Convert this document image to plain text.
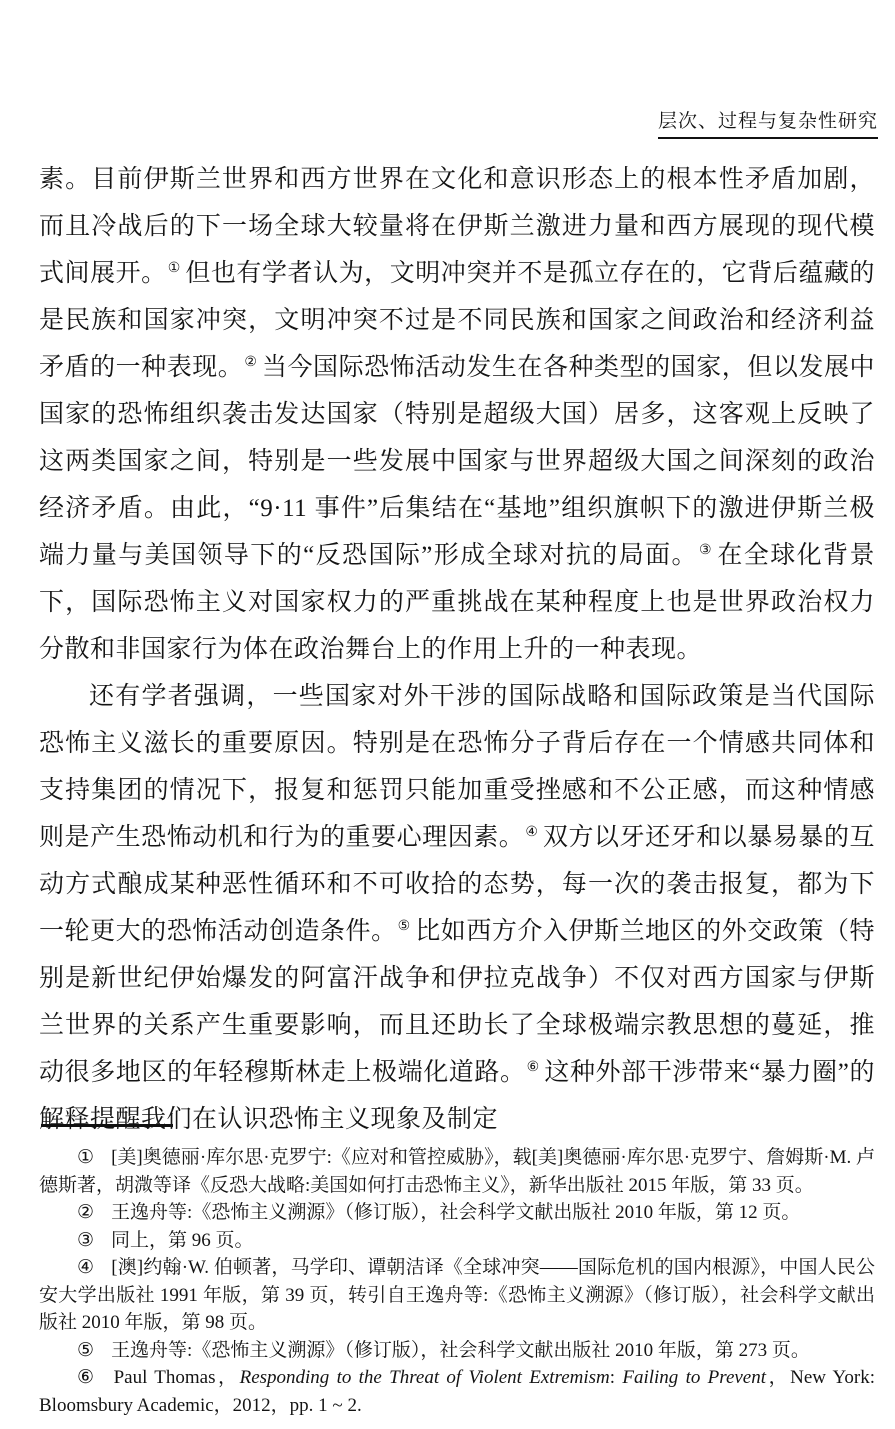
层次、过程与复杂性研究

素。目前伊斯兰世界和西方世界在文化和意识形态上的根本性矛盾加剧，而且冷战后的下一场全球大较量将在伊斯兰激进力量和西方展现的现代模式间展开。① 但也有学者认为，文明冲突并不是孤立存在的，它背后蕴藏的是民族和国家冲突，文明冲突不过是不同民族和国家之间政治和经济利益矛盾的一种表现。② 当今国际恐怖活动发生在各种类型的国家，但以发展中国家的恐怖组织袭击发达国家（特别是超级大国）居多，这客观上反映了这两类国家之间，特别是一些发展中国家与世界超级大国之间深刻的政治经济矛盾。由此，“9·11 事件”后集结在“基地”组织旗帜下的激进伊斯兰极端力量与美国领导下的“反恐国际”形成全球对抗的局面。③ 在全球化背景下，国际恐怖主义对国家权力的严重挑战在某种程度上也是世界政治权力分散和非国家行为体在政治舞台上的作用上升的一种表现。

还有学者强调，一些国家对外干涉的国际战略和国际政策是当代国际恐怖主义滋长的重要原因。特别是在恐怖分子背后存在一个情感共同体和支持集团的情况下，报复和惩罚只能加重受挫感和不公正感，而这种情感则是产生恐怖动机和行为的重要心理因素。④ 双方以牙还牙和以暴易暴的互动方式酿成某种恶性循环和不可收拾的态势，每一次的袭击报复，都为下一轮更大的恐怖活动创造条件。⑤ 比如西方介入伊斯兰地区的外交政策（特别是新世纪伊始爆发的阿富汗战争和伊拉克战争）不仅对西方国家与伊斯兰世界的关系产生重要影响，而且还助长了全球极端宗教思想的蔓延，推动很多地区的年轻穆斯林走上极端化道路。⑥ 这种外部干涉带来“暴力圈”的解释提醒我们在认识恐怖主义现象及制定

① [美]奥德丽·库尔思·克罗宁:《应对和管控威胁》，载[美]奥德丽·库尔思·克罗宁、詹姆斯·M. 卢德斯著，胡溦等译《反恐大战略:美国如何打击恐怖主义》，新华出版社 2015 年版，第 33 页。

② 王逸舟等:《恐怖主义溯源》（修订版），社会科学文献出版社 2010 年版，第 12 页。

③ 同上，第 96 页。

④ [澳]约翰·W. 伯顿著，马学印、谭朝洁译《全球冲突——国际危机的国内根源》，中国人民公安大学出版社 1991 年版，第 39 页，转引自王逸舟等:《恐怖主义溯源》（修订版），社会科学文献出版社 2010 年版，第 98 页。

⑤ 王逸舟等:《恐怖主义溯源》（修订版），社会科学文献出版社 2010 年版，第 273 页。

⑥ Paul Thomas，Responding to the Threat of Violent Extremism: Failing to Prevent，New York: Bloomsbury Academic，2012，pp. 1 ~ 2.
